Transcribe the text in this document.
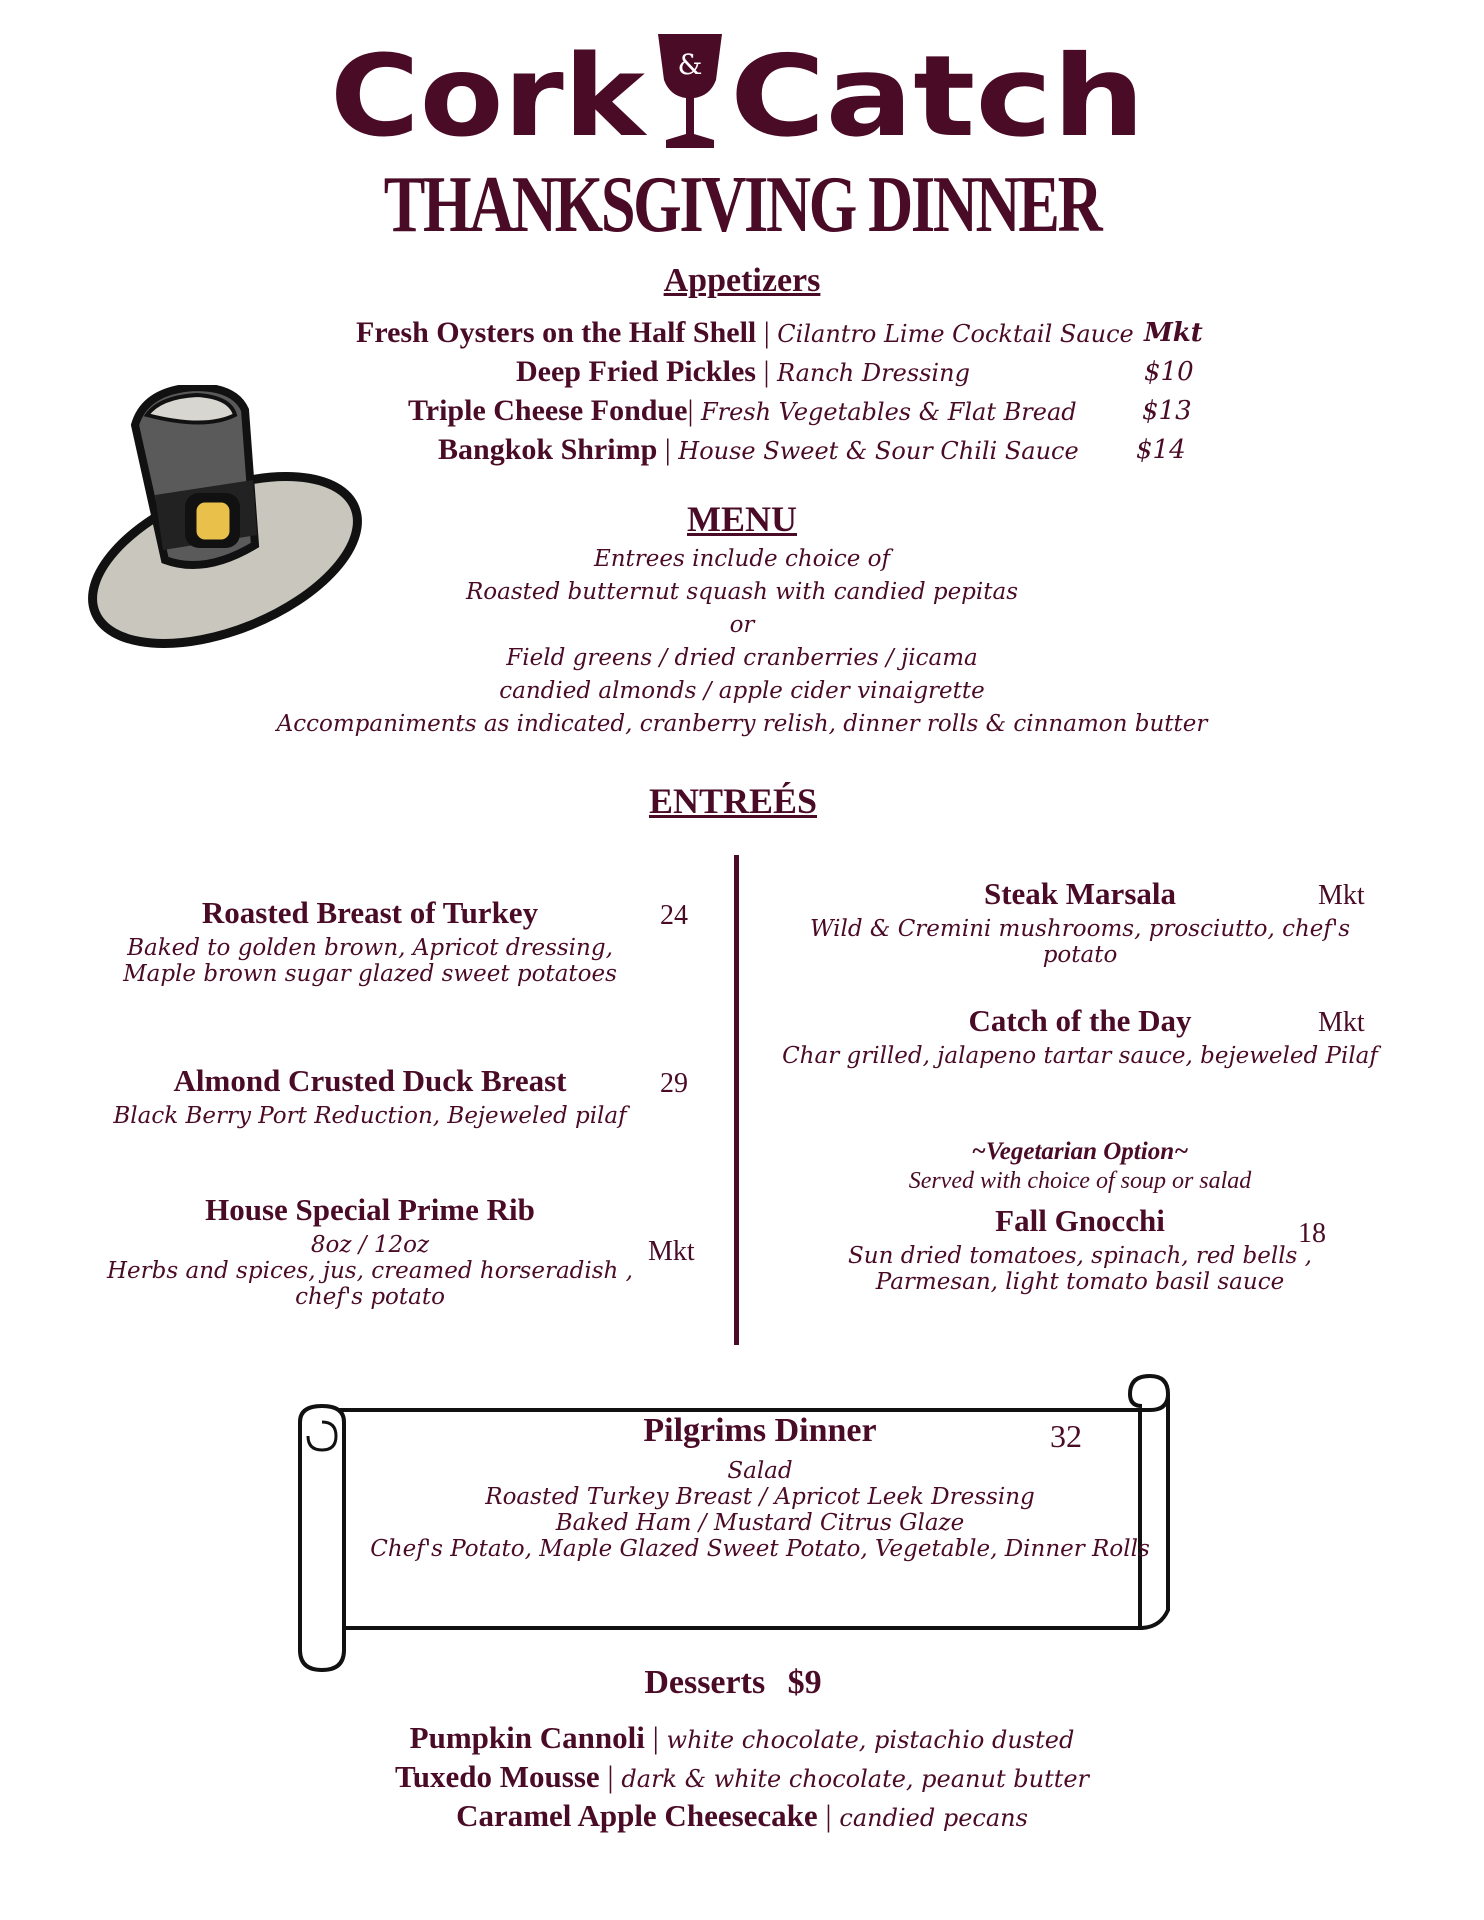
Cork & Catch
THANKSGIVING DINNER
Appetizers
Fresh Oysters on the Half Shell | Cilantro Lime Cocktail Sauce Mkt
Deep Fried Pickles | Ranch Dressing	$10
Triple Cheese Fondue| Fresh Vegetables & Flat Bread	$13
Bangkok Shrimp | House Sweet & Sour Chili Sauce $14
MENU
Entrees include choice of
Roasted butternut squash with candied pepitas
or
Field greens / dried cranberries / jicama
candied almonds / apple cider vinaigrette
Accompaniments as indicated, cranberry relish, dinner rolls & cinnamon butter
ENTREÉS
Roasted Breast of Turkey
Baked to golden brown, Apricot dressing,
Maple brown sugar glazed sweet potatoes
24
Almond Crusted Duck Breast
Black Berry Port Reduction, Bejeweled pilaf
29
House Special Prime Rib
8oz / 12oz
Herbs and spices, jus, creamed horseradish ,
chef's potato
Mkt
Steak Marsala
Wild & Cremini mushrooms, prosciutto, chef's potato
Mkt
Catch of the Day
Char grilled, jalapeno tartar sauce, bejeweled Pilaf
Mkt
~Vegetarian Option~
Served with choice of soup or salad
Fall Gnocchi
Sun dried tomatoes, spinach, red bells ,
Parmesan, light tomato basil sauce
18
Pilgrims Dinner
Salad
Roasted Turkey Breast / Apricot Leek Dressing
Baked Ham / Mustard Citrus Glaze
Chef's Potato, Maple Glazed Sweet Potato, Vegetable, Dinner Rolls
32
Desserts $9
Pumpkin Cannoli | white chocolate, pistachio dusted
Tuxedo Mousse | dark & white chocolate, peanut butter
Caramel Apple Cheesecake | candied pecans
